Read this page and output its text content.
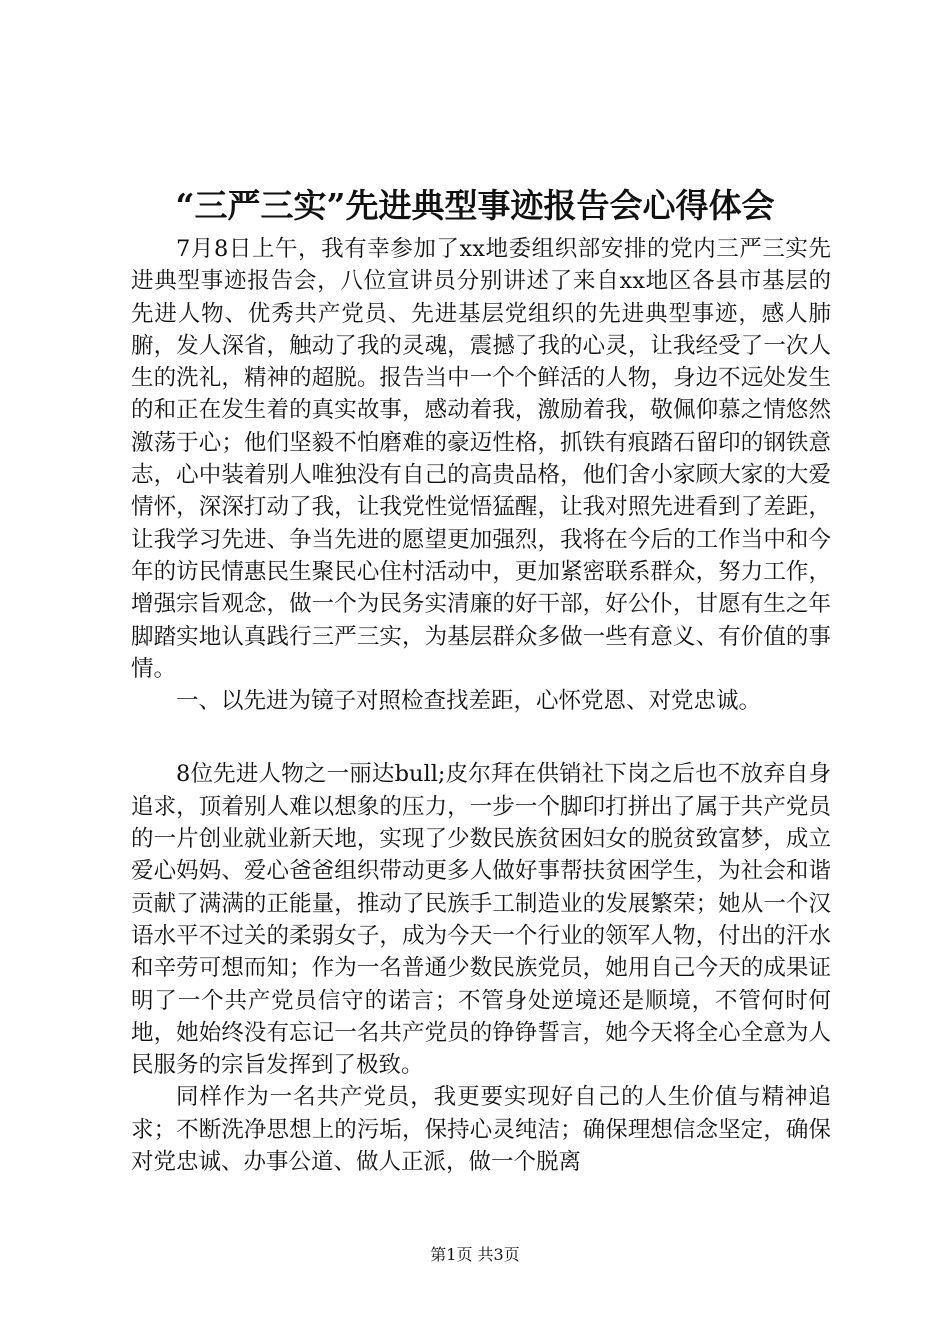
“三严三实”先进典型事迹报告会心得体会

7月8日上午，我有幸参加了xx地委组织部安排的党内三严三实先进典型事迹报告会，八位宣讲员分别讲述了来自xx地区各县市基层的先进人物、优秀共产党员、先进基层党组织的先进典型事迹，感人肺腑，发人深省，触动了我的灵魂，震撼了我的心灵，让我经受了一次人生的洗礼，精神的超脱。报告当中一个个鲜活的人物，身边不远处发生的和正在发生着的真实故事，感动着我，激励着我，敬佩仰慕之情悠然激荡于心；他们坚毅不怕磨难的豪迈性格，抓铁有痕踏石留印的钢铁意志，心中装着别人唯独没有自己的高贵品格，他们舍小家顾大家的大爱情怀，深深打动了我，让我党性觉悟猛醒，让我对照先进看到了差距，让我学习先进、争当先进的愿望更加强烈，我将在今后的工作当中和今年的访民情惠民生聚民心住村活动中，更加紧密联系群众，努力工作，增强宗旨观念，做一个为民务实清廉的好干部，好公仆，甘愿有生之年脚踏实地认真践行三严三实，为基层群众多做一些有意义、有价值的事情。

一、以先进为镜子对照检查找差距，心怀党恩、对党忠诚。

8位先进人物之一丽达bull;皮尔拜在供销社下岗之后也不放弃自身追求，顶着别人难以想象的压力，一步一个脚印打拼出了属于共产党员的一片创业就业新天地，实现了少数民族贫困妇女的脱贫致富梦，成立爱心妈妈、爱心爸爸组织带动更多人做好事帮扶贫困学生，为社会和谐贡献了满满的正能量，推动了民族手工制造业的发展繁荣；她从一个汉语水平不过关的柔弱女子，成为今天一个行业的领军人物，付出的汗水和辛劳可想而知；作为一名普通少数民族党员，她用自己今天的成果证明了一个共产党员信守的诺言；不管身处逆境还是顺境，不管何时何地，她始终没有忘记一名共产党员的铮铮誓言，她今天将全心全意为人民服务的宗旨发挥到了极致。

同样作为一名共产党员，我更要实现好自己的人生价值与精神追求；不断洗净思想上的污垢，保持心灵纯洁；确保理想信念坚定，确保对党忠诚、办事公道、做人正派，做一个脱离

第1页 共3页
